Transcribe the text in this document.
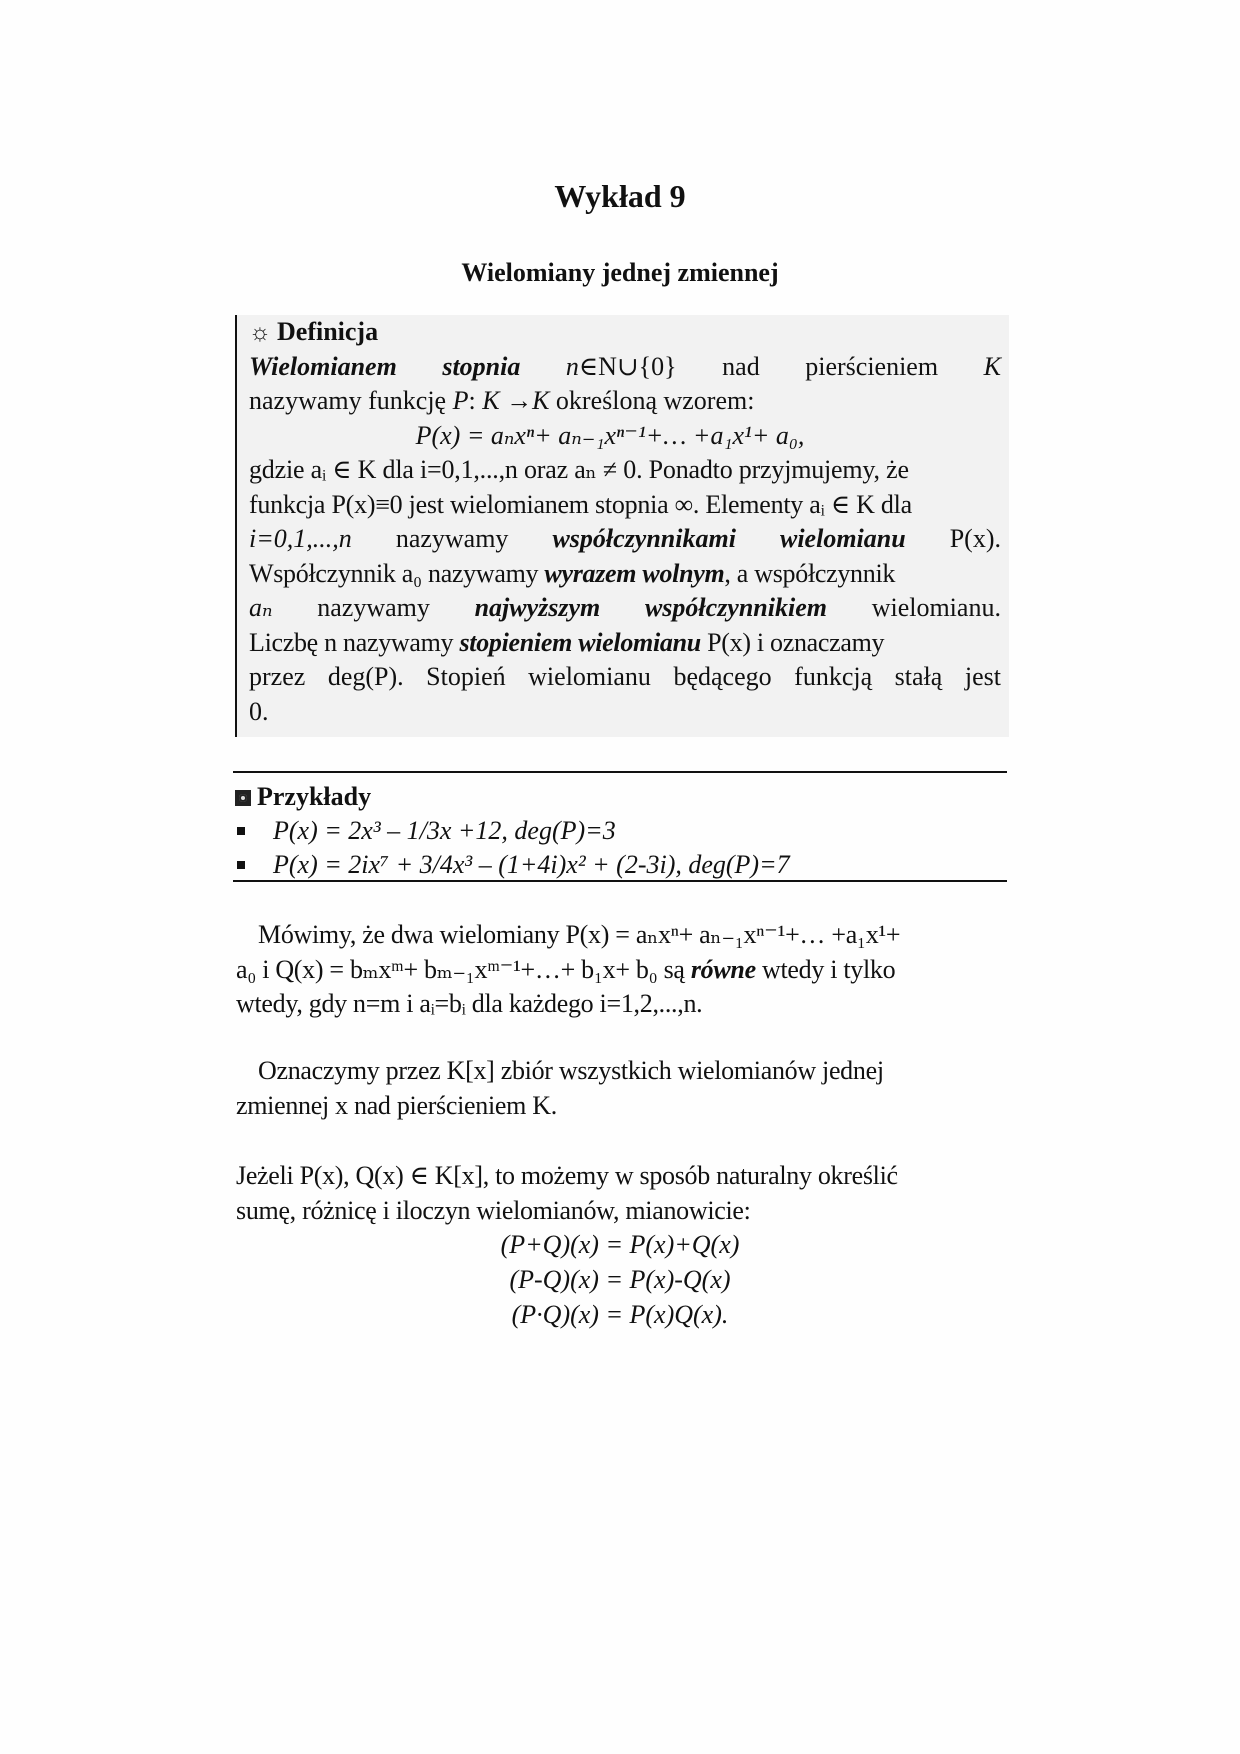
Wykład 9
Wielomiany jednej zmiennej
☼ Definicja
Wielomianem stopnia n∈N∪{0} nad pierścieniem K
nazywamy funkcję P: K →K określoną wzorem:
P(x) = aₙxⁿ+ aₙ₋₁xⁿ⁻¹+… +a₁x¹+ a₀,
gdzie aᵢ ∈ K dla i=0,1,...,n oraz aₙ ≠ 0. Ponadto przyjmujemy, że
funkcja P(x)≡0 jest wielomianem stopnia ∞. Elementy aᵢ ∈ K dla
i=0,1,...,n nazywamy współczynnikami wielomianu P(x).
Współczynnik a₀ nazywamy wyrazem wolnym, a współczynnik
aₙ nazywamy najwyższym współczynnikiem wielomianu.
Liczbę n nazywamy stopieniem wielomianu P(x) i oznaczamy
przez deg(P). Stopień wielomianu będącego funkcją stałą jest
0.
Przykłady
P(x) = 2x³ – 1/3x +12, deg(P)=3
P(x) = 2ix⁷ + 3/4x³ – (1+4i)x² + (2-3i), deg(P)=7
Mówimy, że dwa wielomiany P(x) = aₙxⁿ+ aₙ₋₁xⁿ⁻¹+… +a₁x¹+
a₀ i Q(x) = bₘxᵐ+ bₘ₋₁xᵐ⁻¹+…+ b₁x+ b₀ są równe wtedy i tylko
wtedy, gdy n=m i aᵢ=bᵢ dla każdego i=1,2,...,n.
Oznaczymy przez K[x] zbiór wszystkich wielomianów jednej
zmiennej x nad pierścieniem K.
Jeżeli P(x), Q(x) ∈ K[x], to możemy w sposób naturalny określić
sumę, różnicę i iloczyn wielomianów, mianowicie:
(P+Q)(x) = P(x)+Q(x)
(P-Q)(x) = P(x)-Q(x)
(P·Q)(x) = P(x)Q(x).
